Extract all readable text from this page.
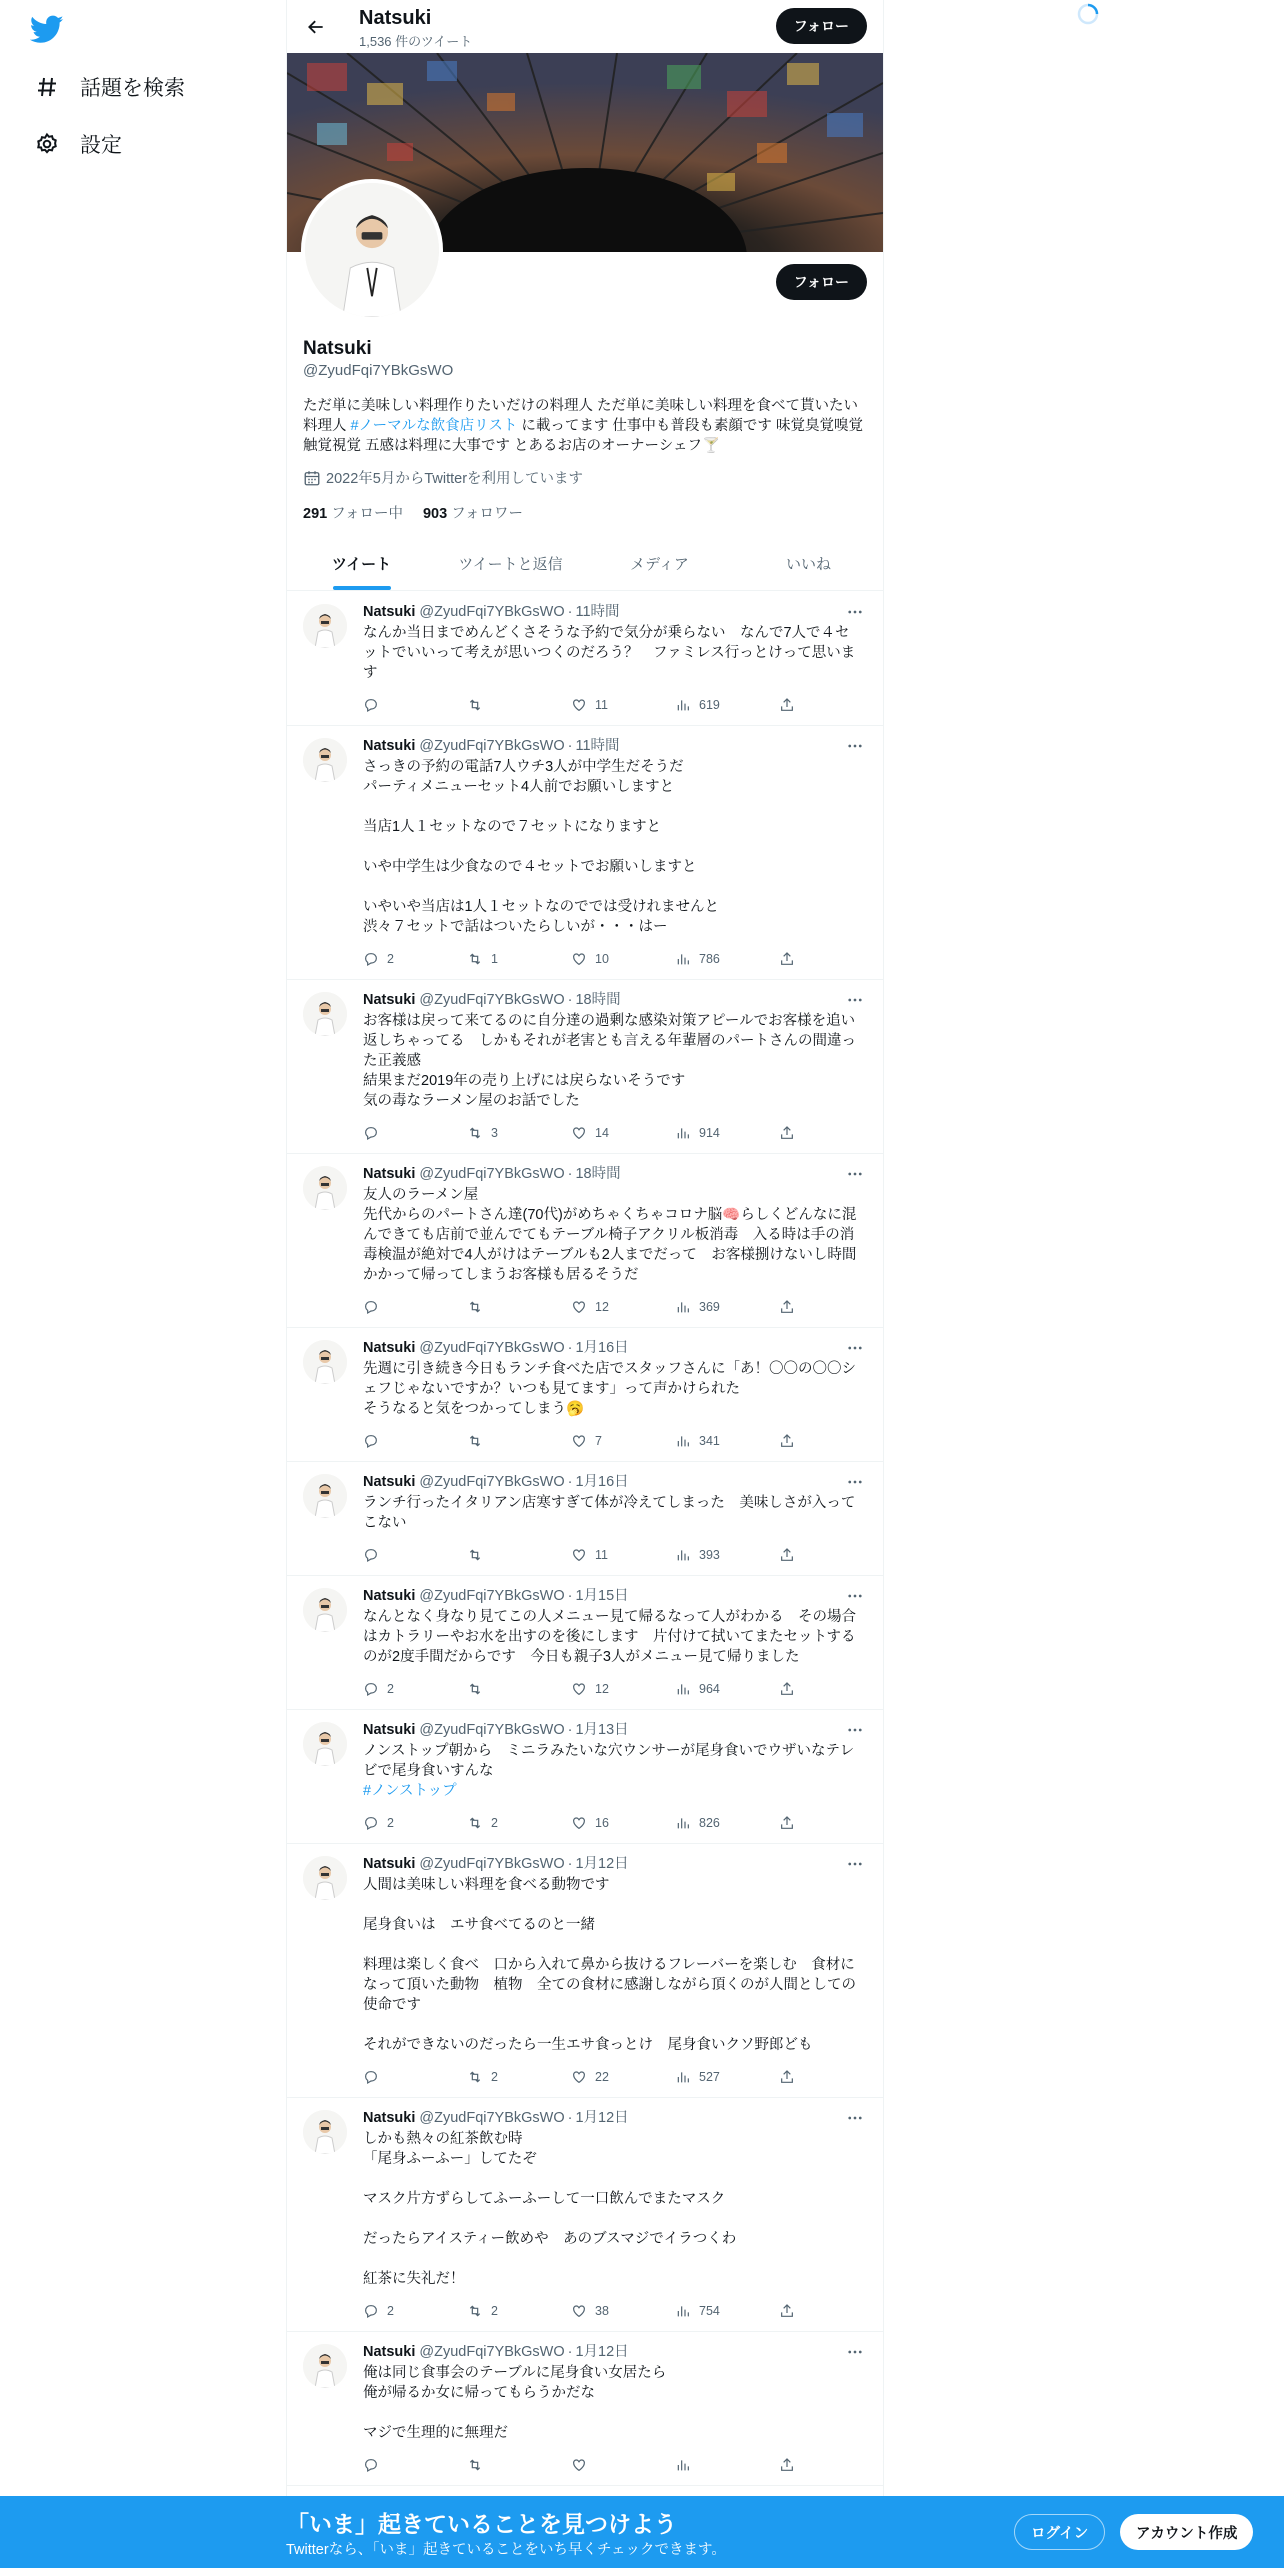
話題を検索
設定
Natsuki
1,536 件のツイート
フォロー
フォロー
Natsuki
@ZyudFqi7YBkGsWO
ただ単に美味しい料理作りたいだけの料理人 ただ単に美味しい料理を食べて貰いたい料理人 #ノーマルな飲食店リスト に載ってます 仕事中も普段も素顔です 味覚臭覚嗅覚触覚視覚 五感は料理に大事です とあるお店のオーナーシェフ🍸
2022年5月からTwitterを利用しています
291 フォロー中 903 フォロワー
ツイート	ツイートと返信	メディア	いいね
Natsuki @ZyudFqi7YBkGsWO · 11時間
なんか当日までめんどくさそうな予約で気分が乗らない　なんで7人で４セットでいいって考えが思いつくのだろう？　ファミレス行っとけって思います
11	619
Natsuki @ZyudFqi7YBkGsWO · 11時間
さっきの予約の電話7人ウチ3人が中学生だそうだ
パーティメニューセット4人前でお願いしますと

当店1人１セットなので７セットになりますと

いや中学生は少食なので４セットでお願いしますと

いやいや当店は1人１セットなのででは受けれませんと
渋々７セットで話はついたらしいが・・・はー
2	1	10	786
Natsuki @ZyudFqi7YBkGsWO · 18時間
お客様は戻って来てるのに自分達の過剰な感染対策アピールでお客様を追い返しちゃってる　しかもそれが老害とも言える年輩層のパートさんの間違った正義感
結果まだ2019年の売り上げには戻らないそうです
気の毒なラーメン屋のお話でした
3	14	914
Natsuki @ZyudFqi7YBkGsWO · 18時間
友人のラーメン屋
先代からのパートさん達(70代)がめちゃくちゃコロナ脳🧠らしくどんなに混んできても店前で並んでてもテーブル椅子アクリル板消毒　入る時は手の消毒検温が絶対で4人がけはテーブルも2人までだって　お客様捌けないし時間かかって帰ってしまうお客様も居るそうだ
12	369
Natsuki @ZyudFqi7YBkGsWO · 1月16日
先週に引き続き今日もランチ食べた店でスタッフさんに「あ！〇〇の〇〇シェフじゃないですか？いつも見てます」って声かけられた
そうなると気をつかってしまう🥱
7	341
Natsuki @ZyudFqi7YBkGsWO · 1月16日
ランチ行ったイタリアン店寒すぎて体が冷えてしまった　美味しさが入ってこない
11	393
Natsuki @ZyudFqi7YBkGsWO · 1月15日
なんとなく身なり見てこの人メニュー見て帰るなって人がわかる　その場合はカトラリーやお水を出すのを後にします　片付けて拭いてまたセットするのが2度手間だからです　今日も親子3人がメニュー見て帰りました
2	12	964
Natsuki @ZyudFqi7YBkGsWO · 1月13日
ノンストップ朝から　ミニラみたいな穴ウンサーが尾身食いでウザいなテレビで尾身食いすんな
#ノンストップ
2	2	16	826
Natsuki @ZyudFqi7YBkGsWO · 1月12日
人間は美味しい料理を食べる動物です

尾身食いは　エサ食べてるのと一緒

料理は楽しく食べ　口から入れて鼻から抜けるフレーバーを楽しむ　食材になって頂いた動物　植物　全ての食材に感謝しながら頂くのが人間としての使命です

それができないのだったら一生エサ食っとけ　尾身食いクソ野郎ども
2	22	527
Natsuki @ZyudFqi7YBkGsWO · 1月12日
しかも熱々の紅茶飲む時
「尾身ふーふー」してたぞ

マスク片方ずらしてふーふーして一口飲んでまたマスク

だったらアイスティー飲めや　あのブスマジでイラつくわ

紅茶に失礼だ！
2	2	38	754
Natsuki @ZyudFqi7YBkGsWO · 1月12日
俺は同じ食事会のテーブルに尾身食い女居たら
俺が帰るか女に帰ってもらうかだな

マジで生理的に無理だ
「いま」起きていることを見つけよう
Twitterなら、「いま」起きていることをいち早くチェックできます。
ログイン	アカウント作成
